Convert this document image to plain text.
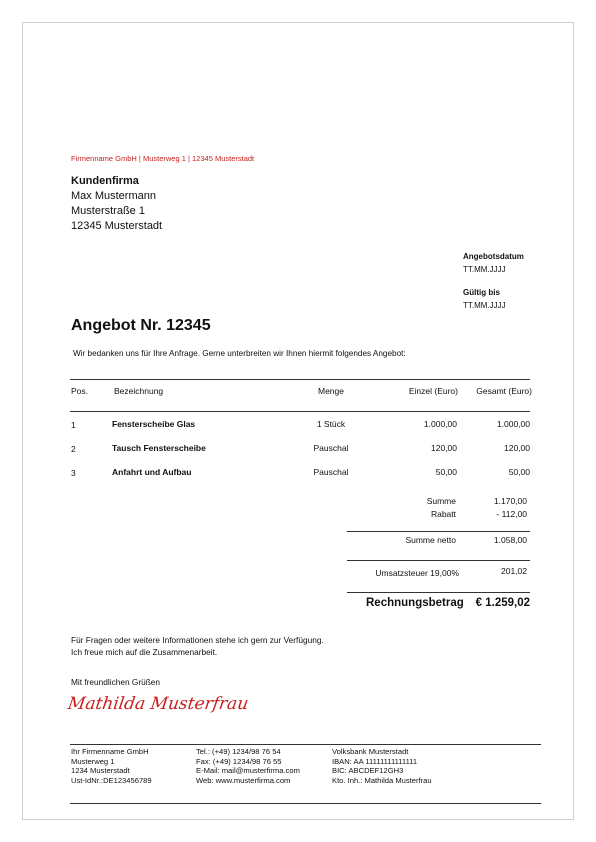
Firmenname GmbH | Musterweg 1 | 12345 Musterstadt
Kundenfirma
Max Mustermann
Musterstraße 1
12345 Musterstadt
Angebotsdatum
TT.MM.JJJJ
Gültig bis
TT.MM.JJJJ
Angebot Nr. 12345
Wir bedanken uns für Ihre Anfrage. Gerne unterbreiten wir Ihnen hiermit folgendes Angebot:
Pos.	Bezeichnung	Menge	Einzel (Euro)	Gesamt (Euro)
1	Fensterscheibe Glas	1 Stück	1.000,00	1.000,00
2	Tausch Fensterscheibe	Pauschal	120,00	120,00
3	Anfahrt und Aufbau	Pauschal	50,00	50,00
Summe	1.170,00
Rabatt	- 112,00
Summe netto	1.058,00
Umsatzsteuer 19,00%	201,02
Rechnungsbetrag	€ 1.259,02
Für Fragen oder weitere Informationen stehe ich gern zur Verfügung.
Ich freue mich auf die Zusammenarbeit.
Mit freundlichen Grüßen
Mathilda Musterfrau
Ihr Firmenname GmbH
Musterweg 1
1234 Musterstadt
Ust-IdNr.:DE123456789
Tel.: (+49) 1234/98 76 54
Fax: (+49) 1234/98 76 55
E-Mail: mail@musterfirma.com
Web: www.musterfirma.com
Volksbank Musterstadt
IBAN: AA 11111111111111
BIC: ABCDEF12GH3
Kto. Inh.: Mathilda Musterfrau
